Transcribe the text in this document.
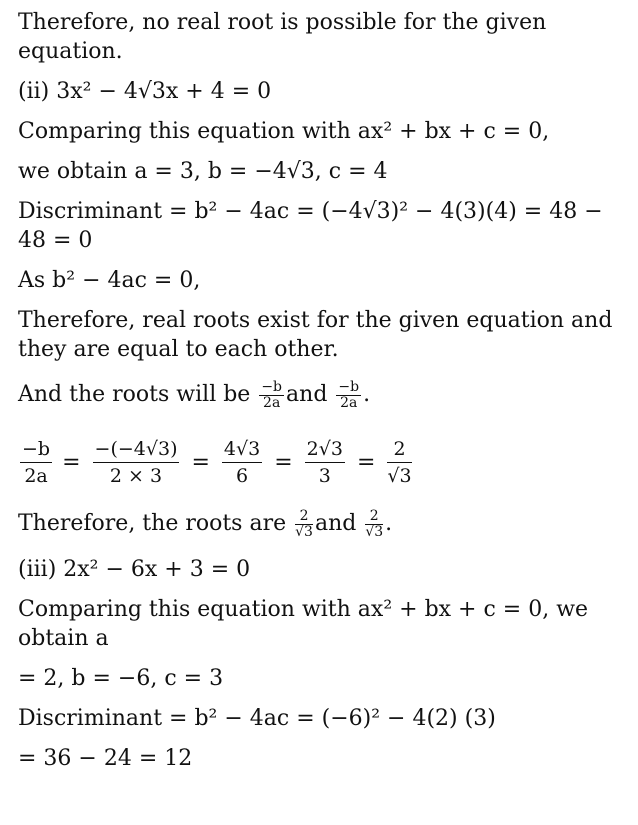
Therefore, no real root is possible for the given equation.

(ii) 3x² − 4√3x + 4 = 0

Comparing this equation with ax² + bx + c = 0,

we obtain a = 3, b = −4√3, c = 4

Discriminant = b² − 4ac = (−4√3)² − 4(3)(4) = 48 − 48 = 0

As b² − 4ac = 0,

Therefore, real roots exist for the given equation and they are equal to each other.

And the roots will be $\frac{-b}{2a}$ and $\frac{-b}{2a}$ .

$\frac{-b}{2a} = \frac{-(-4√3)}{2 \times 3} = \frac{4√3}{6} = \frac{2√3}{3} = \frac{2}{√3}$

Therefore, the roots are $\frac{2}{√3}$ and $\frac{2}{√3}$ .

(iii) 2x² − 6x + 3 = 0

Comparing this equation with ax² + bx + c = 0, we obtain a

= 2, b = −6, c = 3

Discriminant = b² − 4ac = (−6)² − 4(2) (3)

= 36 − 24 = 12
